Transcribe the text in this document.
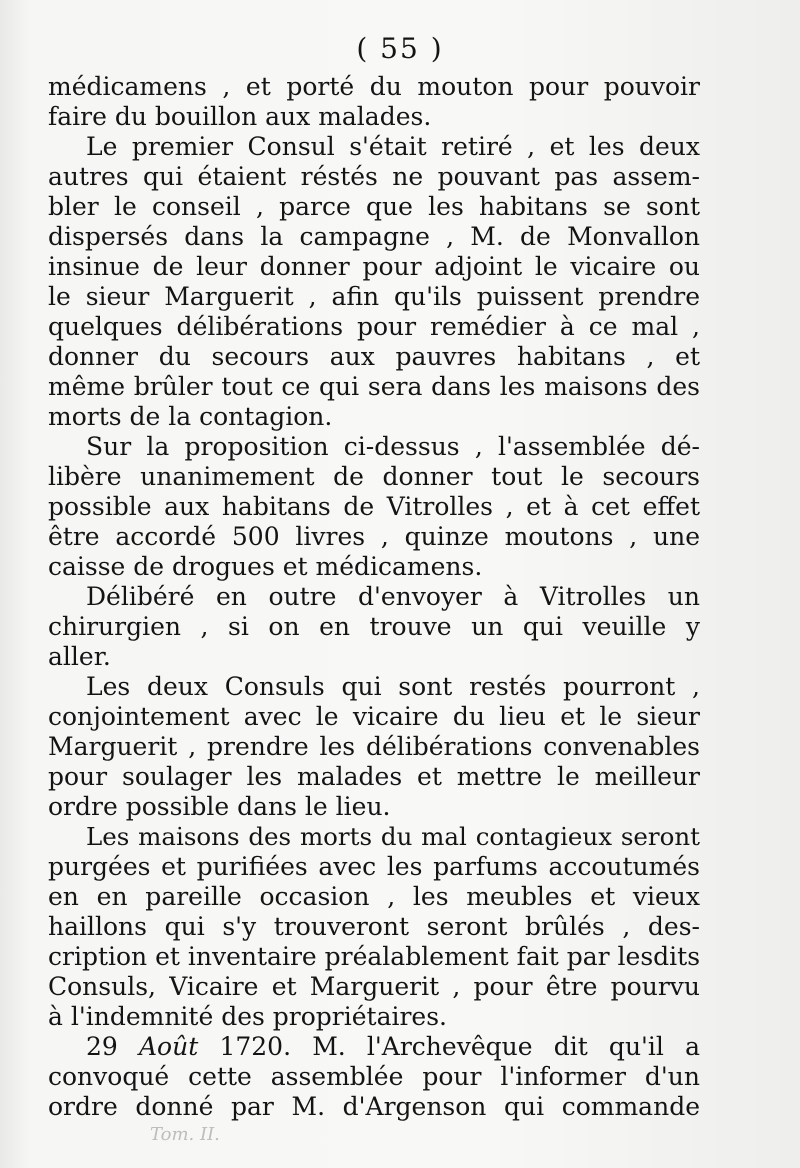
( 55 )
médicamens , et porté du mouton pour pouvoir
faire du bouillon aux malades.
Le premier Consul s'était retiré , et les deux
autres qui étaient réstés ne pouvant pas assem-
bler le conseil , parce que les habitans se sont
dispersés dans la campagne , M. de Monvallon
insinue de leur donner pour adjoint le vicaire ou
le sieur Marguerit , afin qu'ils puissent prendre
quelques délibérations pour remédier à ce mal ,
donner du secours aux pauvres habitans , et
même brûler tout ce qui sera dans les maisons des
morts de la contagion.
Sur la proposition ci-dessus , l'assemblée dé-
libère unanimement de donner tout le secours
possible aux habitans de Vitrolles , et à cet effet
être accordé 500 livres , quinze moutons , une
caisse de drogues et médicamens.
Délibéré en outre d'envoyer à Vitrolles un
chirurgien , si on en trouve un qui veuille y
aller.
Les deux Consuls qui sont restés pourront ,
conjointement avec le vicaire du lieu et le sieur
Marguerit , prendre les délibérations convenables
pour soulager les malades et mettre le meilleur
ordre possible dans le lieu.
Les maisons des morts du mal contagieux seront
purgées et purifiées avec les parfums accoutumés
en en pareille occasion , les meubles et vieux
haillons qui s'y trouveront seront brûlés , des-
cription et inventaire préalablement fait par lesdits
Consuls, Vicaire et Marguerit , pour être pourvu
à l'indemnité des propriétaires.
29 Août 1720. M. l'Archevêque dit qu'il a
convoqué cette assemblée pour l'informer d'un
ordre donné par M. d'Argenson qui commande
Tom. II.
